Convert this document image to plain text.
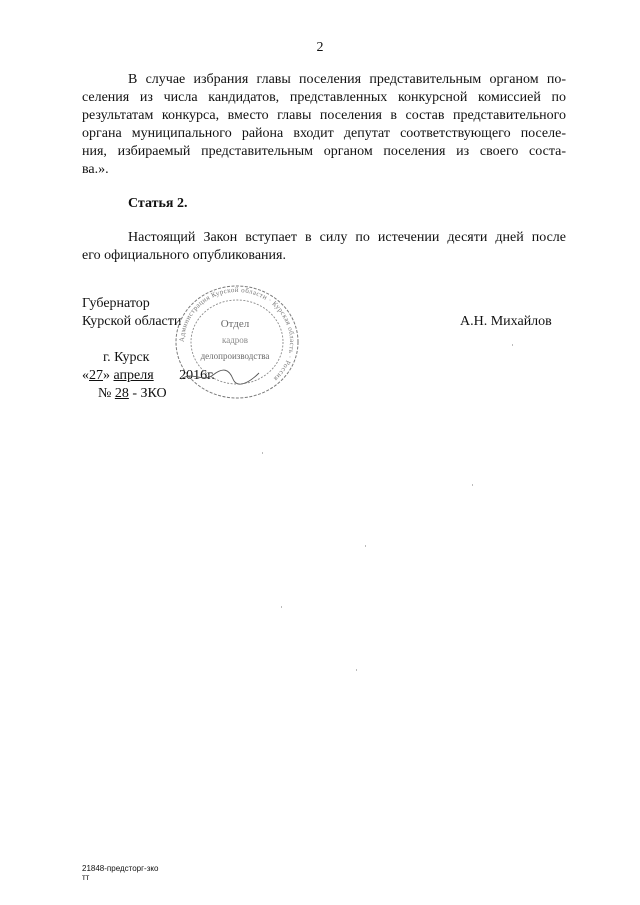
2
В случае избрания главы поселения представительным органом по-
селения из числа кандидатов, представленных конкурсной комиссией по
результатам конкурса, вместо главы поселения в состав представительного
органа муниципального района входит депутат соответствующего поселе-
ния, избираемый представительным органом поселения из своего соста-
ва.».
Статья 2.
Настоящий Закон вступает в силу по истечении десяти дней после
его официального опубликования.
Губернатор
Курской области	А.Н. Михайлов
г. Курск
«27» апреля 2016г.
№ 28 - ЗКО
Администрация Курской области · Курская область · Россия
Отдел
кадров
делопроизводства
21848-предсторг-зко
тт
